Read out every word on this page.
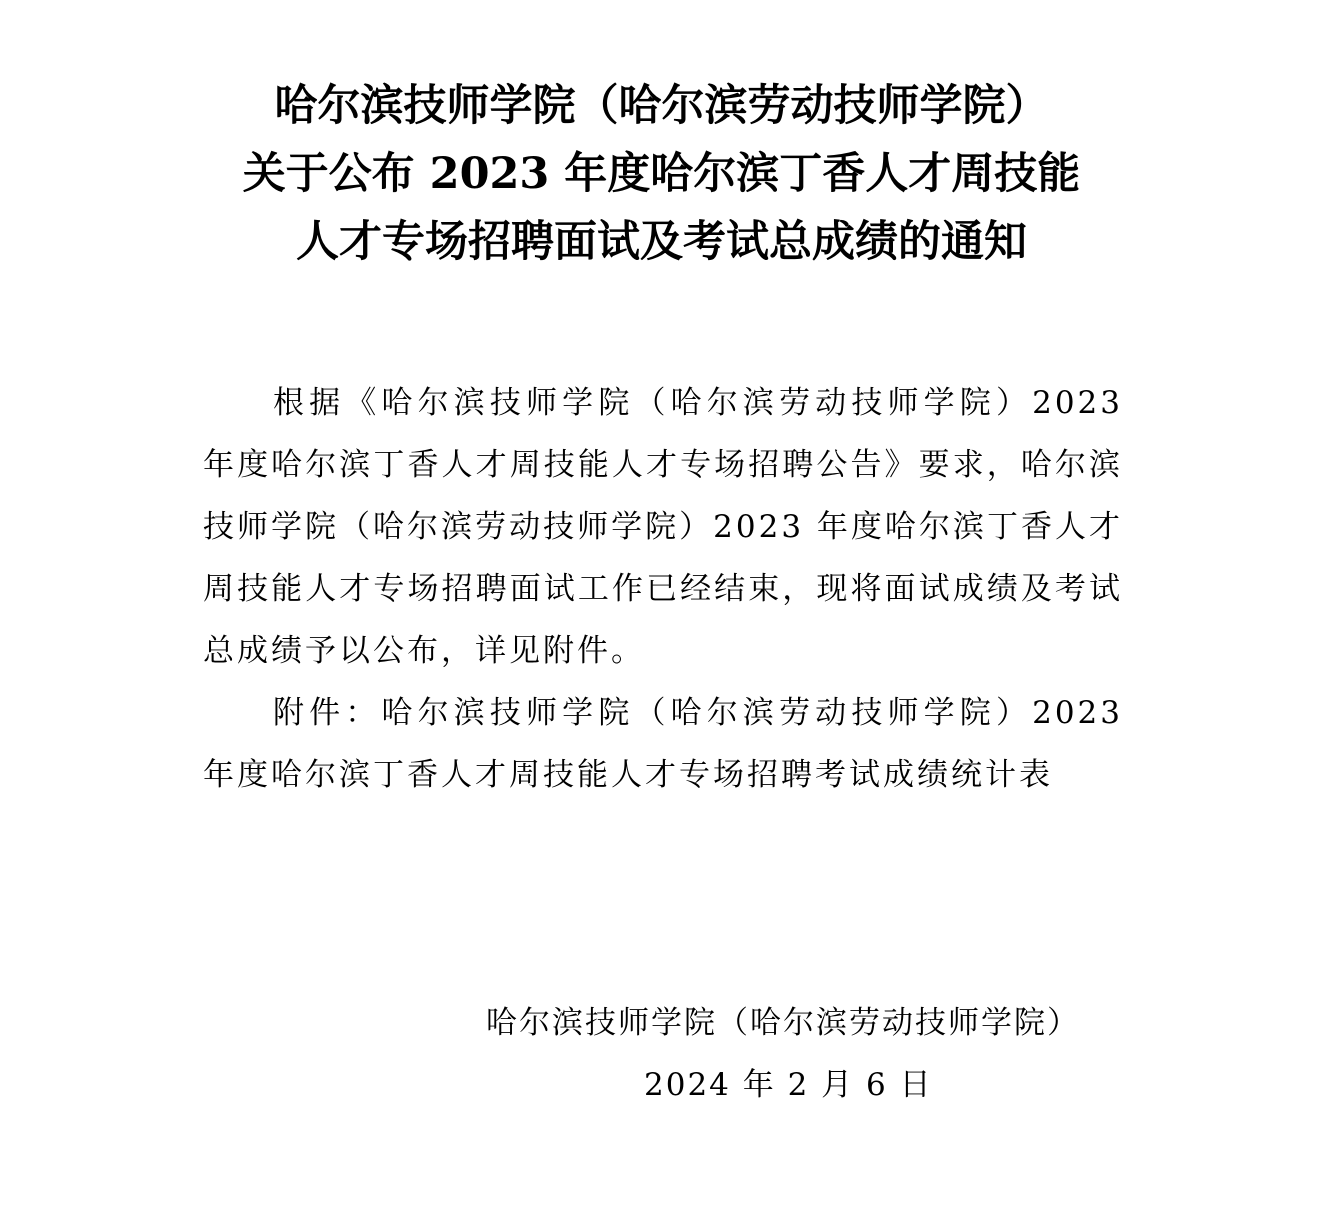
哈尔滨技师学院（哈尔滨劳动技师学院）
关于公布 2023 年度哈尔滨丁香人才周技能
人才专场招聘面试及考试总成绩的通知

根据《哈尔滨技师学院（哈尔滨劳动技师学院）2023 年度哈尔滨丁香人才周技能人才专场招聘公告》要求，哈尔滨技师学院（哈尔滨劳动技师学院）2023 年度哈尔滨丁香人才周技能人才专场招聘面试工作已经结束，现将面试成绩及考试总成绩予以公布，详见附件。

附件：哈尔滨技师学院（哈尔滨劳动技师学院）2023 年度哈尔滨丁香人才周技能人才专场招聘考试成绩统计表

哈尔滨技师学院（哈尔滨劳动技师学院）
2024 年 2 月 6 日
